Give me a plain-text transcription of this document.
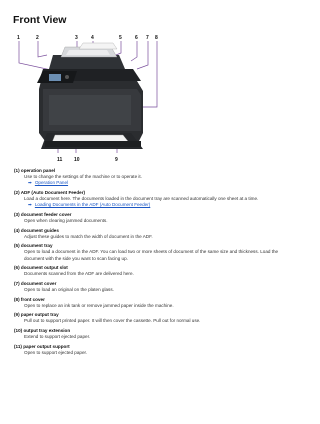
Front View
1	2	3	4	5	6 7 8
11 10	9
(1) operation panel
Use to change the settings of the machine or to operate it.
➡ Operation Panel
(2) ADF (Auto Document Feeder)
Load a document here. The documents loaded in the document tray are scanned automatically one sheet at a time.
➡ Loading Documents in the ADF (Auto Document Feeder)
(3) document feeder cover
Open when clearing jammed documents.
(4) document guides
Adjust these guides to match the width of document in the ADF.
(5) document tray
Open to load a document in the ADF. You can load two or more sheets of document of the same size and thickness. Load the document with the side you want to scan facing up.
(6) document output slot
Documents scanned from the ADF are delivered here.
(7) document cover
Open to load an original on the platen glass.
(8) front cover
Open to replace an ink tank or remove jammed paper inside the machine.
(9) paper output tray
Pull out to support printed paper. It will then cover the cassette. Pull out for normal use.
(10) output tray extension
Extend to support ejected paper.
(11) paper output support
Open to support ejected paper.
